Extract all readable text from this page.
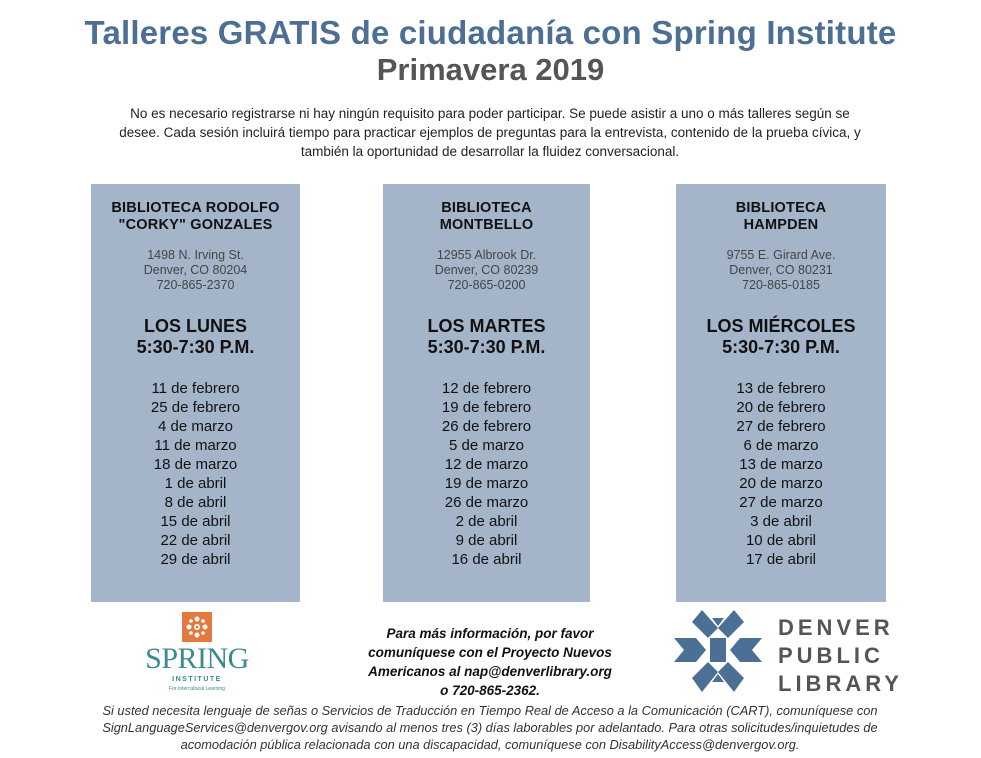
Talleres GRATIS de ciudadanía con Spring Institute
Primavera 2019

No es necesario registrarse ni hay ningún requisito para poder participar. Se puede asistir a uno o más talleres según se desee. Cada sesión incluirá tiempo para practicar ejemplos de preguntas para la entrevista, contenido de la prueba cívica, y también la oportunidad de desarrollar la fluidez conversacional.

BIBLIOTECA RODOLFO
"CORKY" GONZALES
1498 N. Irving St.
Denver, CO 80204
720-865-2370
LOS LUNES
5:30-7:30 P.M.
11 de febrero
25 de febrero
4 de marzo
11 de marzo
18 de marzo
1 de abril
8 de abril
15 de abril
22 de abril
29 de abril
BIBLIOTECA
MONTBELLO
12955 Albrook Dr.
Denver, CO 80239
720-865-0200
LOS MARTES
5:30-7:30 P.M.
12 de febrero
19 de febrero
26 de febrero
5 de marzo
12 de marzo
19 de marzo
26 de marzo
2 de abril
9 de abril
16 de abril
BIBLIOTECA
HAMPDEN
9755 E. Girard Ave.
Denver, CO 80231
720-865-0185
LOS MIÉRCOLES
5:30-7:30 P.M.
13 de febrero
20 de febrero
27 de febrero
6 de marzo
13 de marzo
20 de marzo
27 de marzo
3 de abril
10 de abril
17 de abril
SPRING
INSTITUTE
For Intercultural Learning
Para más información, por favor
comuníquese con el Proyecto Nuevos
Americanos al nap@denverlibrary.org
o 720-865-2362.
DENVER
PUBLIC
LIBRARY
Si usted necesita lenguaje de señas o Servicios de Traducción en Tiempo Real de Acceso a la Comunicación (CART), comuníquese con
SignLanguageServices@denvergov.org avisando al menos tres (3) días laborables por adelantado. Para otras solicitudes/inquietudes de
acomodación pública relacionada con una discapacidad, comuníquese con DisabilityAccess@denvergov.org.
